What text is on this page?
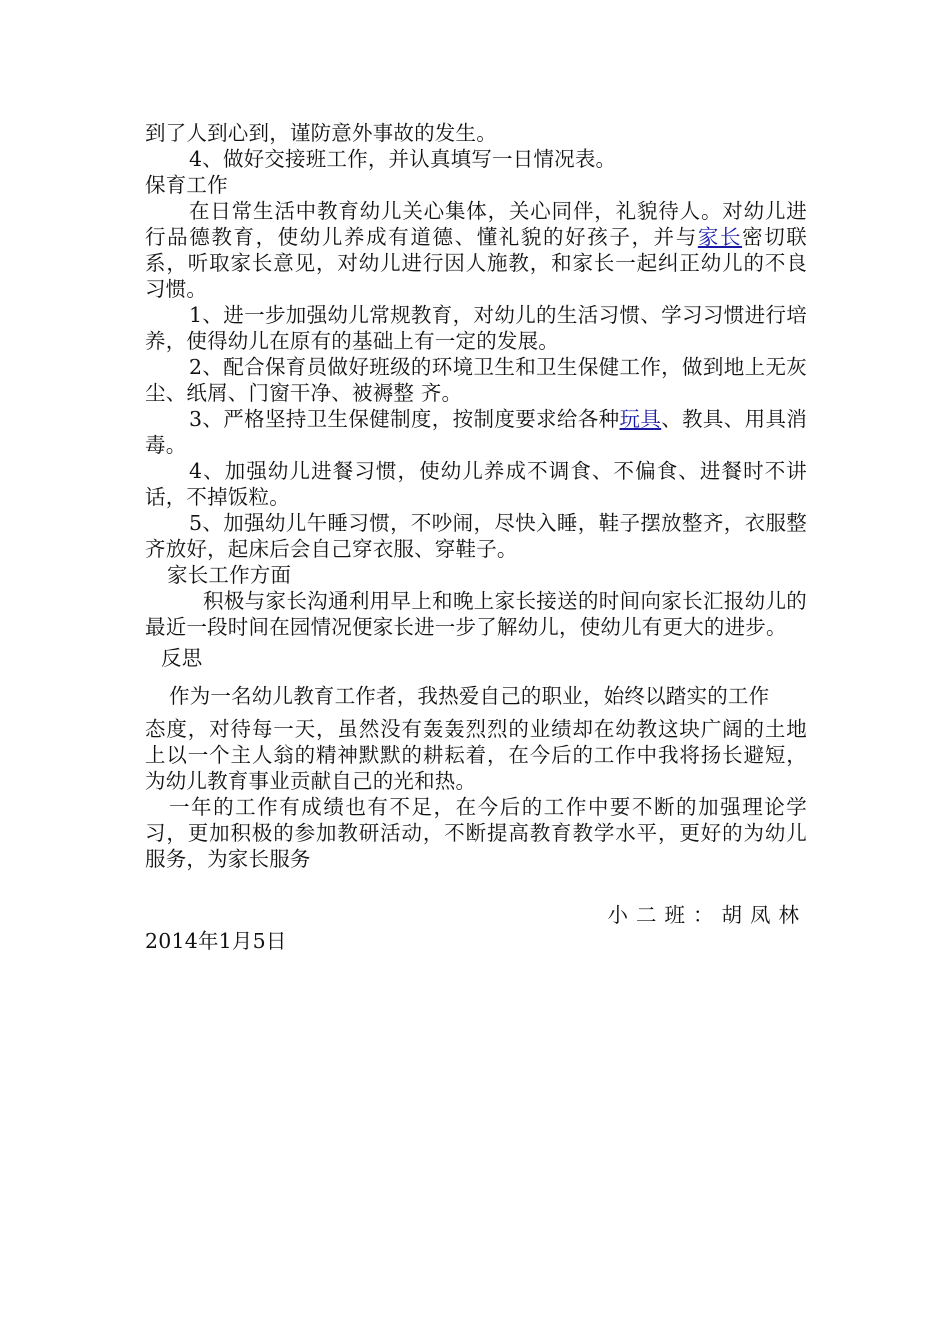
到了人到心到，谨防意外事故的发生。

4、做好交接班工作，并认真填写一日情况表。

保育工作

在日常生活中教育幼儿关心集体，关心同伴，礼貌待人。对幼儿进行品德教育，使幼儿养成有道德、懂礼貌的好孩子，并与家长密切联系，听取家长意见，对幼儿进行因人施教，和家长一起纠正幼儿的不良习惯。

1、进一步加强幼儿常规教育，对幼儿的生活习惯、学习习惯进行培养，使得幼儿在原有的基础上有一定的发展。

2、配合保育员做好班级的环境卫生和卫生保健工作，做到地上无灰尘、纸屑、门窗干净、被褥整 齐。

3、严格坚持卫生保健制度，按制度要求给各种玩具、教具、用具消毒。

4、加强幼儿进餐习惯，使幼儿养成不调食、不偏食、进餐时不讲话，不掉饭粒。

5、加强幼儿午睡习惯，不吵闹，尽快入睡，鞋子摆放整齐，衣服整齐放好，起床后会自己穿衣服、穿鞋子。

家长工作方面

积极与家长沟通利用早上和晚上家长接送的时间向家长汇报幼儿的最近一段时间在园情况便家长进一步了解幼儿，使幼儿有更大的进步。

反思

作为一名幼儿教育工作者，我热爱自己的职业，始终以踏实的工作

态度，对待每一天，虽然没有轰轰烈烈的业绩却在幼教这块广阔的土地上以一个主人翁的精神默默的耕耘着，在今后的工作中我将扬长避短，为幼儿教育事业贡献自己的光和热。

一年的工作有成绩也有不足，在今后的工作中要不断的加强理论学习，更加积极的参加教研活动，不断提高教育教学水平，更好的为幼儿服务，为家长服务

小二班：胡凤林

2014年1月5日
